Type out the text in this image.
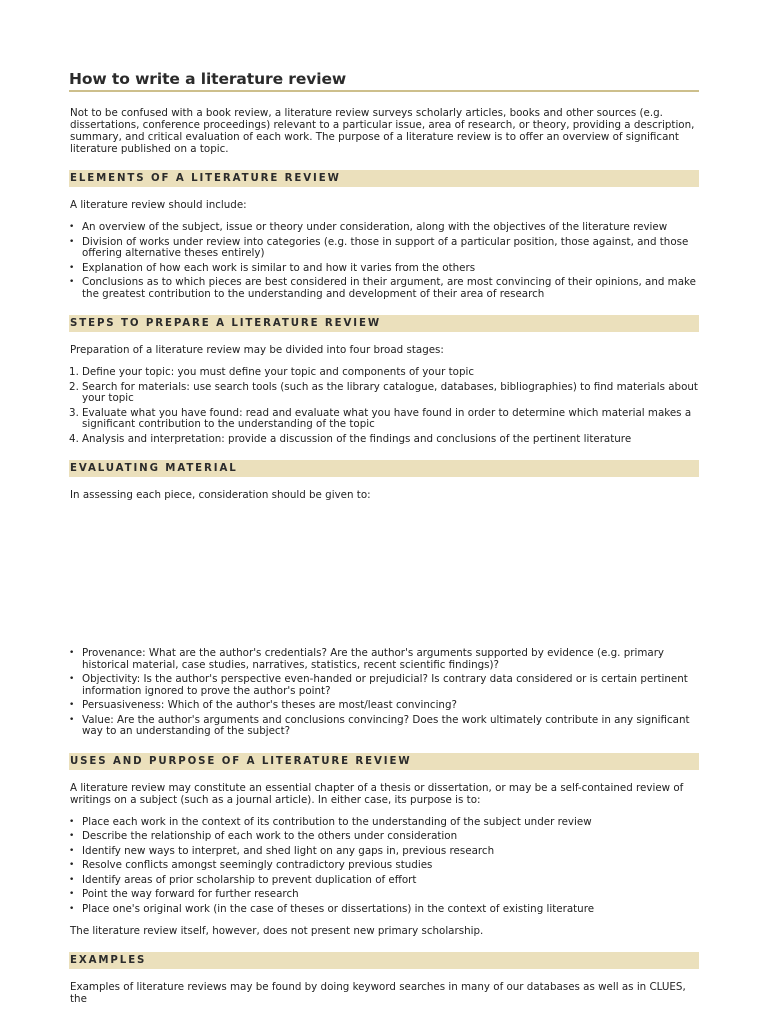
How to write a literature review

Not to be confused with a book review, a literature review surveys scholarly articles, books and other sources (e.g. dissertations, conference proceedings) relevant to a particular issue, area of research, or theory, providing a description, summary, and critical evaluation of each work. The purpose of a literature review is to offer an overview of significant literature published on a topic.

ELEMENTS OF A LITERATURE REVIEW

A literature review should include:

• An overview of the subject, issue or theory under consideration, along with the objectives of the literature review
• Division of works under review into categories (e.g. those in support of a particular position, those against, and those offering alternative theses entirely)
• Explanation of how each work is similar to and how it varies from the others
• Conclusions as to which pieces are best considered in their argument, are most convincing of their opinions, and make the greatest contribution to the understanding and development of their area of research
STEPS TO PREPARE A LITERATURE REVIEW

Preparation of a literature review may be divided into four broad stages:

Define your topic: you must define your topic and components of your topic
Search for materials: use search tools (such as the library catalogue, databases, bibliographies) to find materials about your topic
Evaluate what you have found: read and evaluate what you have found in order to determine which material makes a significant contribution to the understanding of the topic
Analysis and interpretation: provide a discussion of the findings and conclusions of the pertinent literature
EVALUATING MATERIAL

In assessing each piece, consideration should be given to:

• Provenance: What are the author's credentials? Are the author's arguments supported by evidence (e.g. primary historical material, case studies, narratives, statistics, recent scientific findings)?
• Objectivity: Is the author's perspective even-handed or prejudicial? Is contrary data considered or is certain pertinent information ignored to prove the author's point?
• Persuasiveness: Which of the author's theses are most/least convincing?
• Value: Are the author's arguments and conclusions convincing? Does the work ultimately contribute in any significant way to an understanding of the subject?
USES AND PURPOSE OF A LITERATURE REVIEW

A literature review may constitute an essential chapter of a thesis or dissertation, or may be a self-contained review of writings on a subject (such as a journal article). In either case, its purpose is to:

• Place each work in the context of its contribution to the understanding of the subject under review
• Describe the relationship of each work to the others under consideration
• Identify new ways to interpret, and shed light on any gaps in, previous research
• Resolve conflicts amongst seemingly contradictory previous studies
• Identify areas of prior scholarship to prevent duplication of effort
• Point the way forward for further research
• Place one's original work (in the case of theses or dissertations) in the context of existing literature

The literature review itself, however, does not present new primary scholarship.

EXAMPLES

Examples of literature reviews may be found by doing keyword searches in many of our databases as well as in CLUES, the
